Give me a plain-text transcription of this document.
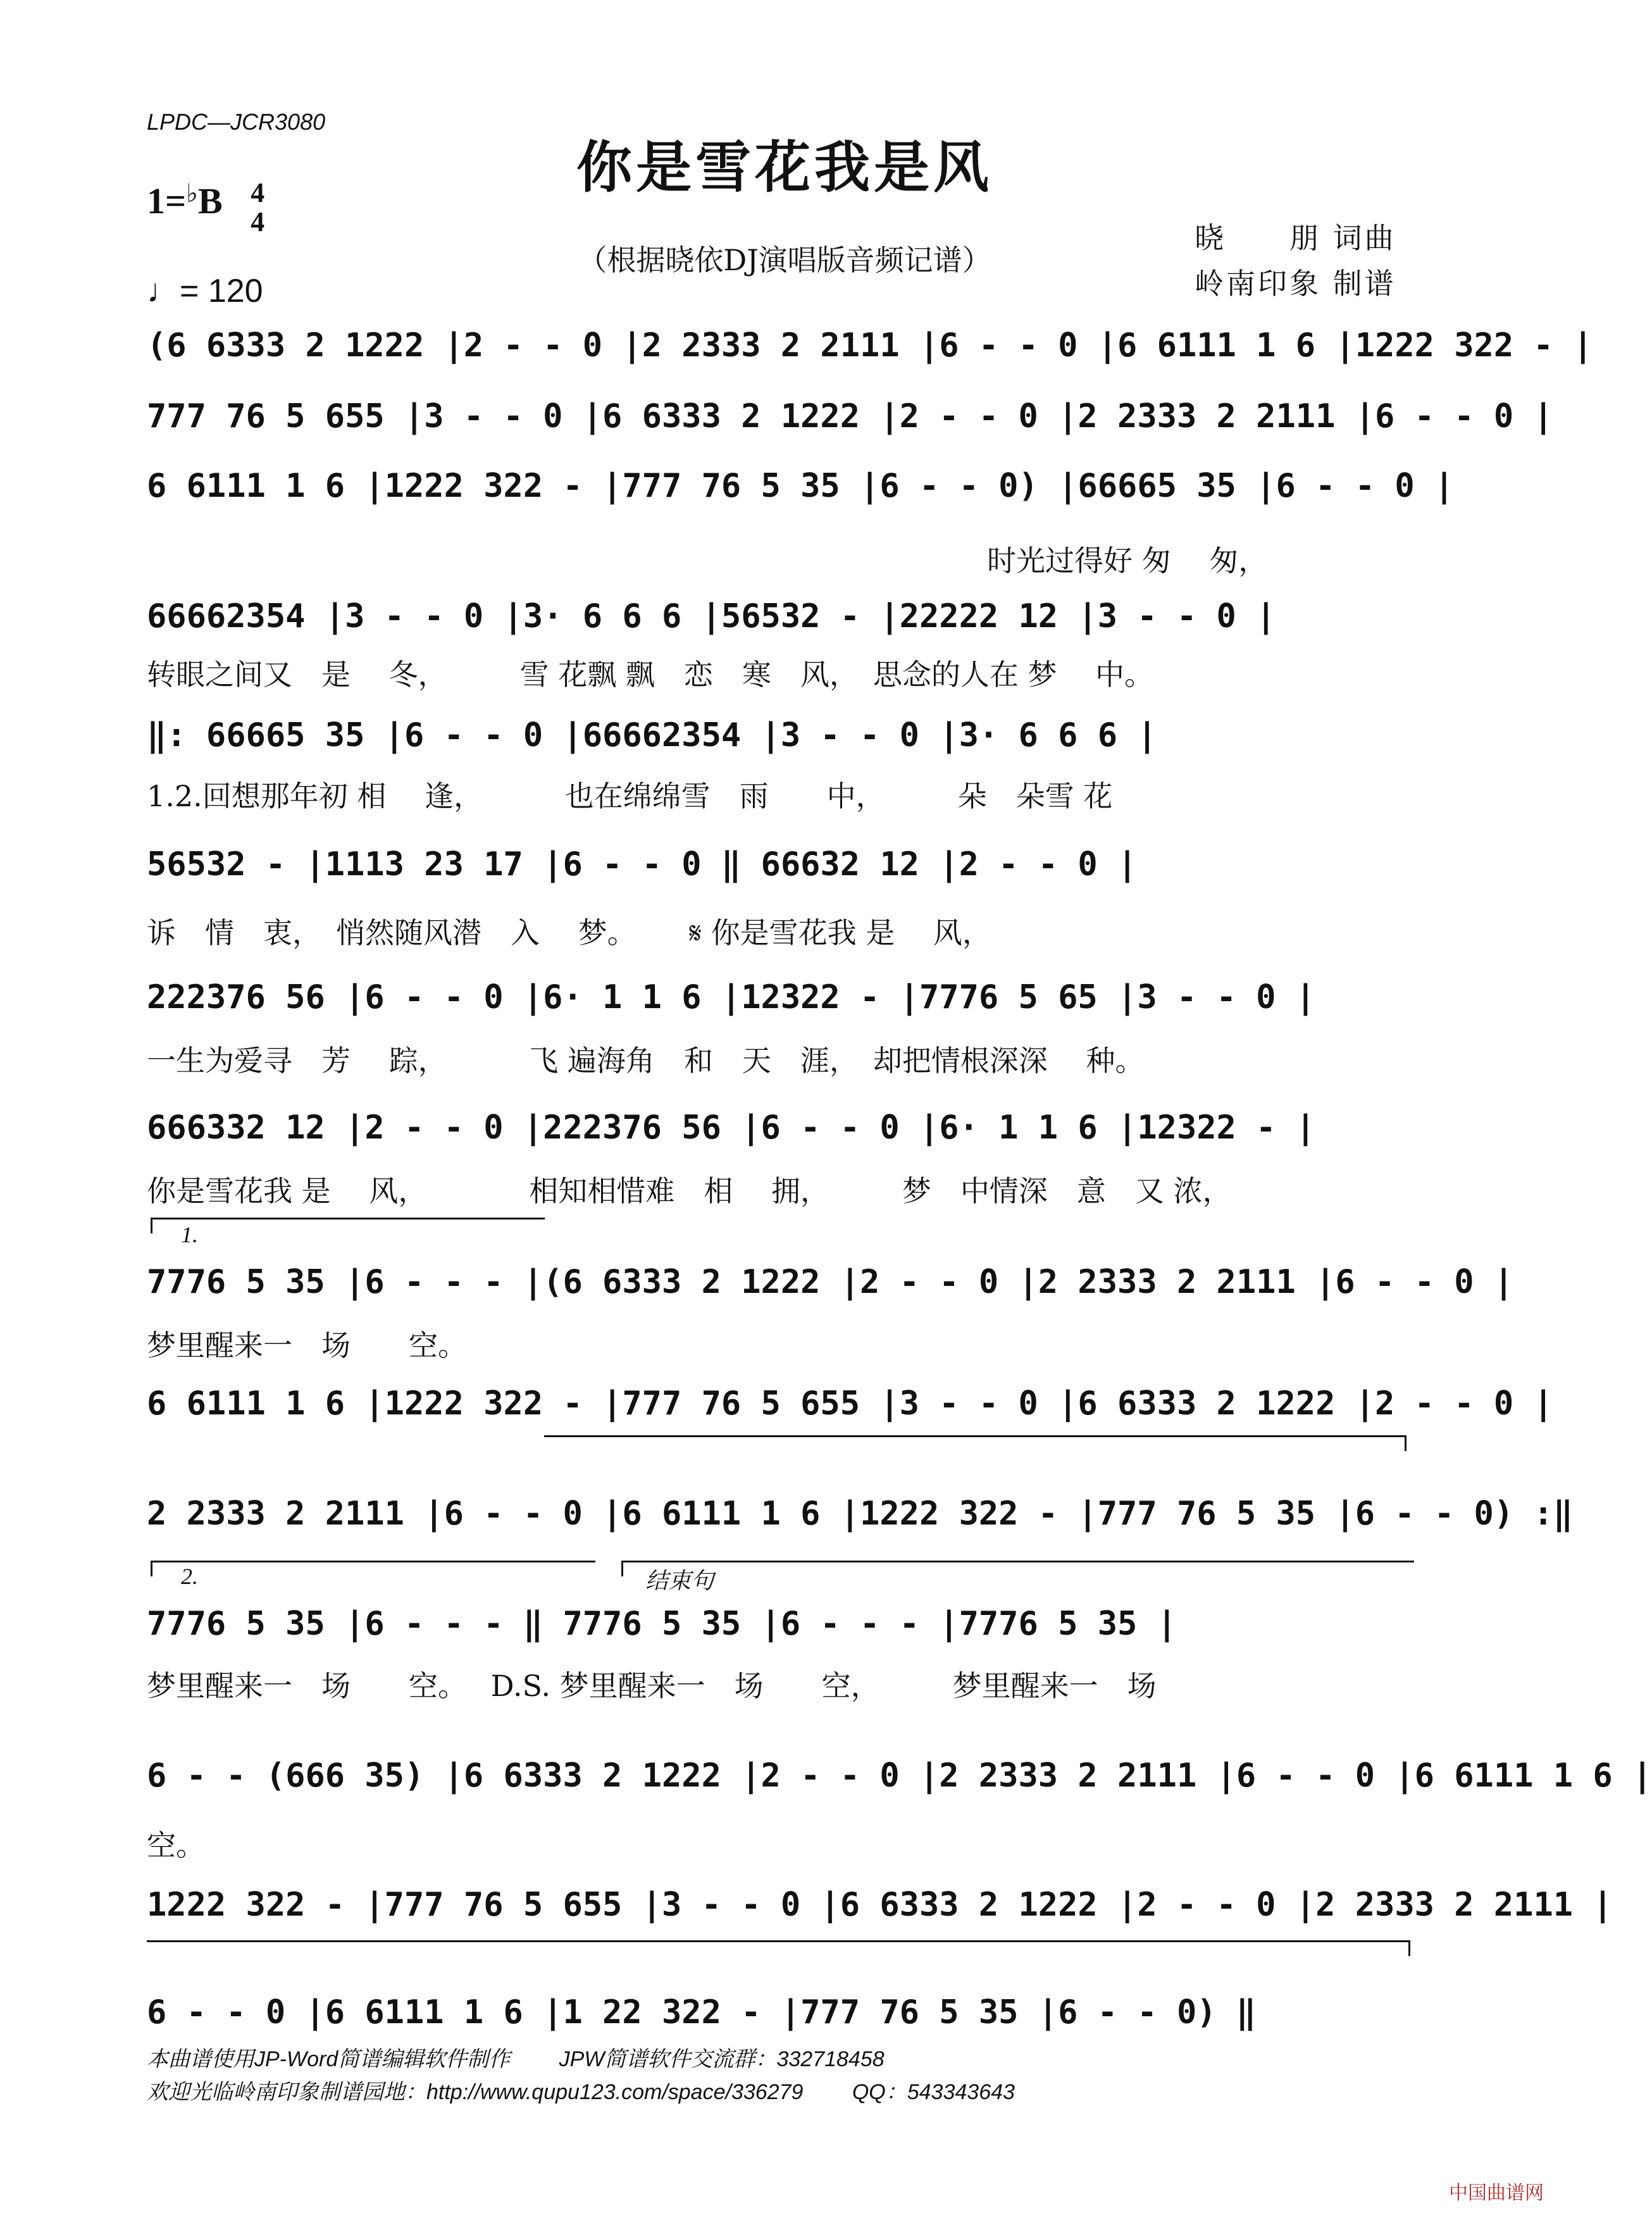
LPDC—JCR3080
你是雪花我是风
1=♭B 4
4
（根据晓依DJ演唱版音频记谱）
♩= 120
晓　　朋 词曲
岭南印象 制谱
(6 6333 2 1222 |2 - - 0 |2 2333 2 2111 |6 - - 0 |6 6111 1 6 |1222 322 - |
777 76 5 655 |3 - - 0 |6 6333 2 1222 |2 - - 0 |2 2333 2 2111 |6 - - 0 |
6 6111 1 6 |1222 322 - |777 76 5 35 |6 - - 0) |66665 35 |6 - - 0 |
时光过得好 匆　 匆，
66662354 |3 - - 0 |3· 6 6 6 |56532 - |22222 12 |3 - - 0 |
转眼之间又　是　 冬，　　　雪 花飘 飘　恋　寒　风，　思念的人在 梦　 中。
‖: 66665 35 |6 - - 0 |66662354 |3 - - 0 |3· 6 6 6 |
1.2.回想那年初 相　 逢，　　　 也在绵绵雪　雨　　中，　　　朵　朵雪 花
56532 - |1113 23 17 |6 - - 0 ‖ 66632 12 |2 - - 0 |
诉　情　衷，　悄然随风潜　入　 梦。　　 𝄋 你是雪花我 是　 风，
222376 56 |6 - - 0 |6· 1 1 6 |12322 - |7776 5 65 |3 - - 0 |
一生为爱寻　芳　 踪，　　　 飞 遍海角　和　天　涯，　却把情根深深　 种。
666332 12 |2 - - 0 |222376 56 |6 - - 0 |6· 1 1 6 |12322 - |
你是雪花我 是　 风，　　　　相知相惜难　相　 拥，　　　梦　中情深　意　又 浓，
1.
7776 5 35 |6 - - - |(6 6333 2 1222 |2 - - 0 |2 2333 2 2111 |6 - - 0 |
梦里醒来一　场　　空。
6 6111 1 6 |1222 322 - |777 76 5 655 |3 - - 0 |6 6333 2 1222 |2 - - 0 |
2 2333 2 2111 |6 - - 0 |6 6111 1 6 |1222 322 - |777 76 5 35 |6 - - 0) :‖
2.	结束句
7776 5 35 |6 - - - ‖ 7776 5 35 |6 - - - |7776 5 35 |
梦里醒来一　场　　空。　 D.S. 梦里醒来一　场　　空，　　　梦里醒来一　场
6 - - (666 35) |6 6333 2 1222 |2 - - 0 |2 2333 2 2111 |6 - - 0 |6 6111 1 6 |
空。
1222 322 - |777 76 5 655 |3 - - 0 |6 6333 2 1222 |2 - - 0 |2 2333 2 2111 |
6 - - 0 |6 6111 1 6 |1 22 322 - |777 76 5 35 |6 - - 0) ‖
本曲谱使用JP-Word简谱编辑软件制作　　 JPW简谱软件交流群：332718458
欢迎光临岭南印象制谱园地：http://www.qupu123.com/space/336279　　 QQ：543343643
中国曲谱网
